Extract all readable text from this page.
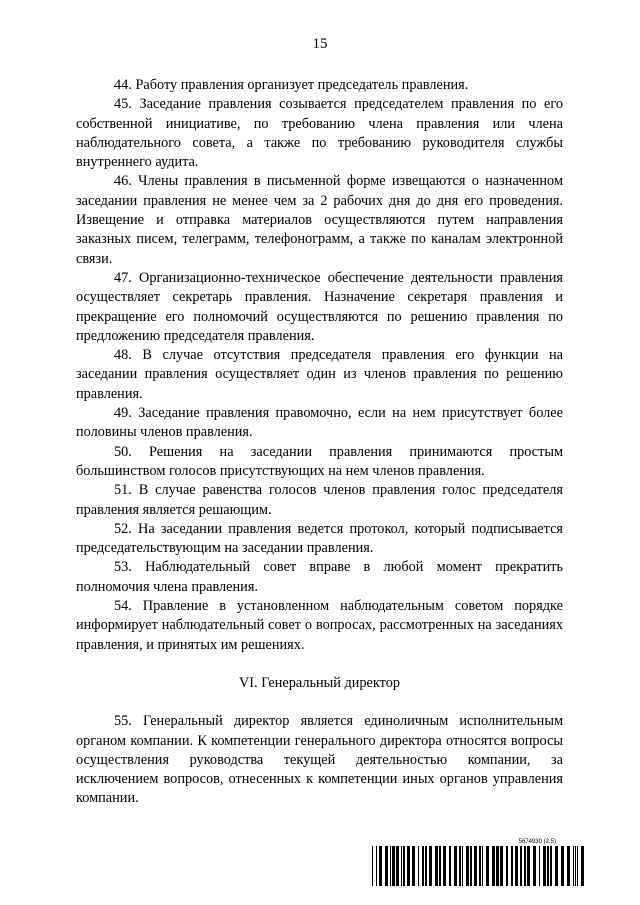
15

44. Работу правления организует председатель правления.

45. Заседание правления созывается председателем правления по его собственной инициативе, по требованию члена правления или члена наблюдательного совета, а также по требованию руководителя службы внутреннего аудита.

46. Члены правления в письменной форме извещаются о назначенном заседании правления не менее чем за 2 рабочих дня до дня его проведения. Извещение и отправка материалов осуществляются путем направления заказных писем, телеграмм, телефонограмм, а также по каналам электронной связи.

47. Организационно-техническое обеспечение деятельности правления осуществляет секретарь правления. Назначение секретаря правления и прекращение его полномочий осуществляются по решению правления по предложению председателя правления.

48. В случае отсутствия председателя правления его функции на заседании правления осуществляет один из членов правления по решению правления.

49. Заседание правления правомочно, если на нем присутствует более половины членов правления.

50. Решения на заседании правления принимаются простым большинством голосов присутствующих на нем членов правления.

51. В случае равенства голосов членов правления голос председателя правления является решающим.

52. На заседании правления ведется протокол, который подписывается председательствующим на заседании правления.

53. Наблюдательный совет вправе в любой момент прекратить полномочия члена правления.

54. Правление в установленном наблюдательным советом порядке информирует наблюдательный совет о вопросах, рассмотренных на заседаниях правления, и принятых им решениях.

VI. Генеральный директор

55. Генеральный директор является единоличным исполнительным органом компании. К компетенции генерального директора относятся вопросы осуществления руководства текущей деятельностью компании, за исключением вопросов, отнесенных к компетенции иных органов управления компании.

5674930 (2.5)
